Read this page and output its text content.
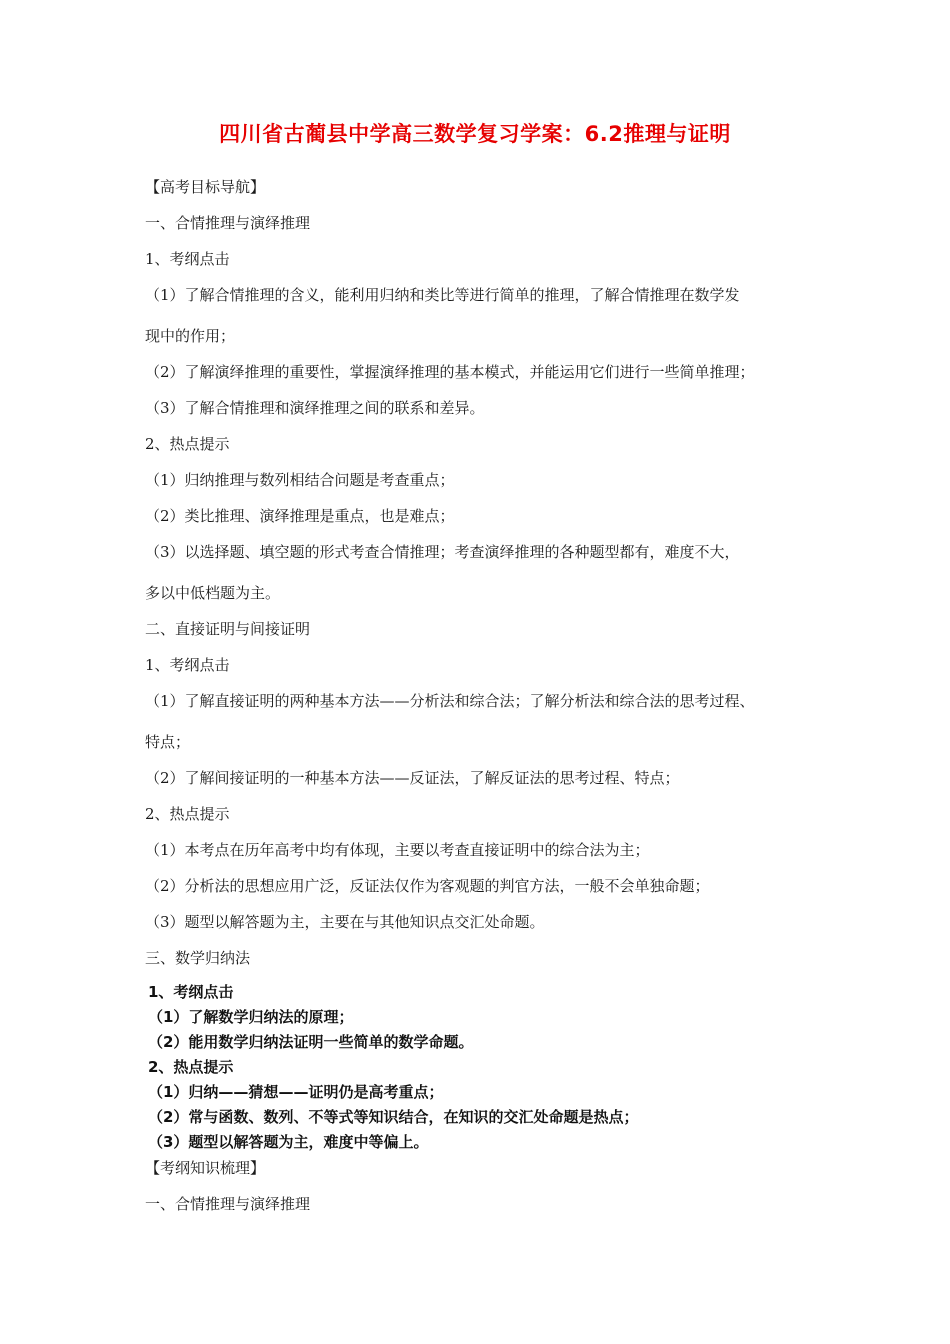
四川省古蔺县中学高三数学复习学案：6.2推理与证明
【高考目标导航】
一、合情推理与演绎推理
1、考纲点击
（1）了解合情推理的含义，能利用归纳和类比等进行简单的推理，了解合情推理在数学发
现中的作用；
（2）了解演绎推理的重要性，掌握演绎推理的基本模式，并能运用它们进行一些简单推理；
（3）了解合情推理和演绎推理之间的联系和差异。
2、热点提示
（1）归纳推理与数列相结合问题是考查重点；
（2）类比推理、演绎推理是重点，也是难点；
（3）以选择题、填空题的形式考查合情推理；考查演绎推理的各种题型都有，难度不大，
多以中低档题为主。
二、直接证明与间接证明
1、考纲点击
（1）了解直接证明的两种基本方法——分析法和综合法；了解分析法和综合法的思考过程、
特点；
（2）了解间接证明的一种基本方法——反证法，了解反证法的思考过程、特点；
2、热点提示
（1）本考点在历年高考中均有体现，主要以考查直接证明中的综合法为主；
（2）分析法的思想应用广泛，反证法仅作为客观题的判官方法，一般不会单独命题；
（3）题型以解答题为主，主要在与其他知识点交汇处命题。
三、数学归纳法
1、考纲点击
（1）了解数学归纳法的原理；
（2）能用数学归纳法证明一些简单的数学命题。
2、热点提示
（1）归纳——猜想——证明仍是高考重点；
（2）常与函数、数列、不等式等知识结合，在知识的交汇处命题是热点；
（3）题型以解答题为主，难度中等偏上。
【考纲知识梳理】
一、合情推理与演绎推理
